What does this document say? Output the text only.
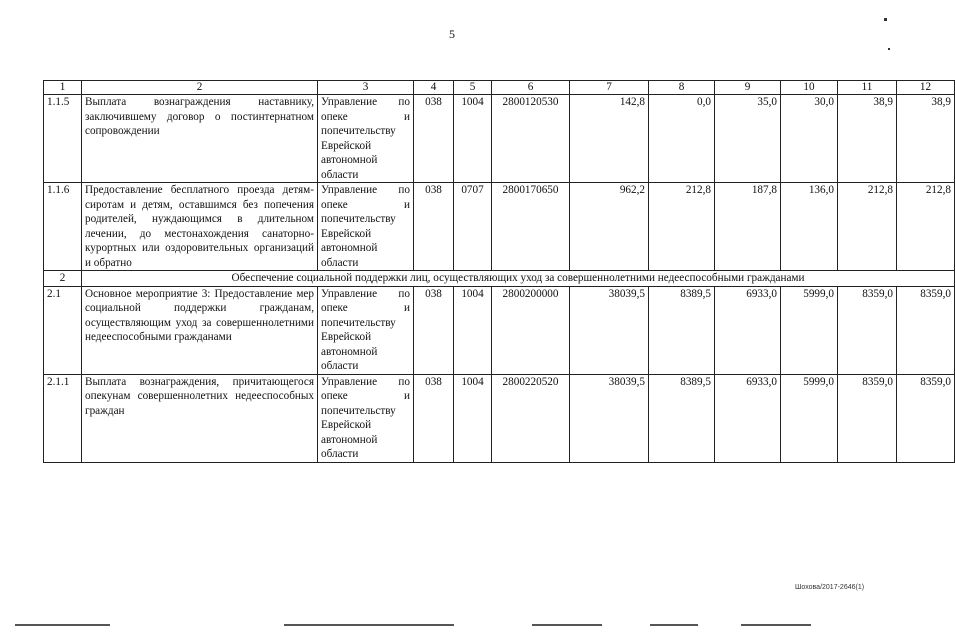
5
1	2	3	4	5	6	7	8	9	10	11	12
1.1.5	Выплата вознаграждения наставнику, заключившему договор о постинтернатном сопровождении	Управление по опеке и попечительству Еврейской автономной области	038	1004	2800120530	142,8	0,0	35,0	30,0	38,9	38,9
1.1.6	Предоставление бесплатного проезда детям-сиротам и детям, оставшимся без попечения родителей, нуждающимся в длительном лечении, до местонахождения санаторно-курортных или оздоровительных организаций и обратно	Управление по опеке и попечительству Еврейской автономной области	038	0707	2800170650	962,2	212,8	187,8	136,0	212,8	212,8
2	Обеспечение социальной поддержки лиц, осуществляющих уход за совершеннолетними недееспособными гражданами										
2.1	Основное мероприятие 3: Предоставление мер социальной поддержки гражданам, осуществляющим уход за совершеннолетними недееспособными гражданами	Управление по опеке и попечительству Еврейской автономной области	038	1004	2800200000	38039,5	8389,5	6933,0	5999,0	8359,0	8359,0
2.1.1	Выплата вознаграждения, причитающегося опекунам совершеннолетних недееспособных граждан	Управление по опеке и попечительству Еврейской автономной области	038	1004	2800220520	38039,5	8389,5	6933,0	5999,0	8359,0	8359,0
Шохова/2017-2646(1)
